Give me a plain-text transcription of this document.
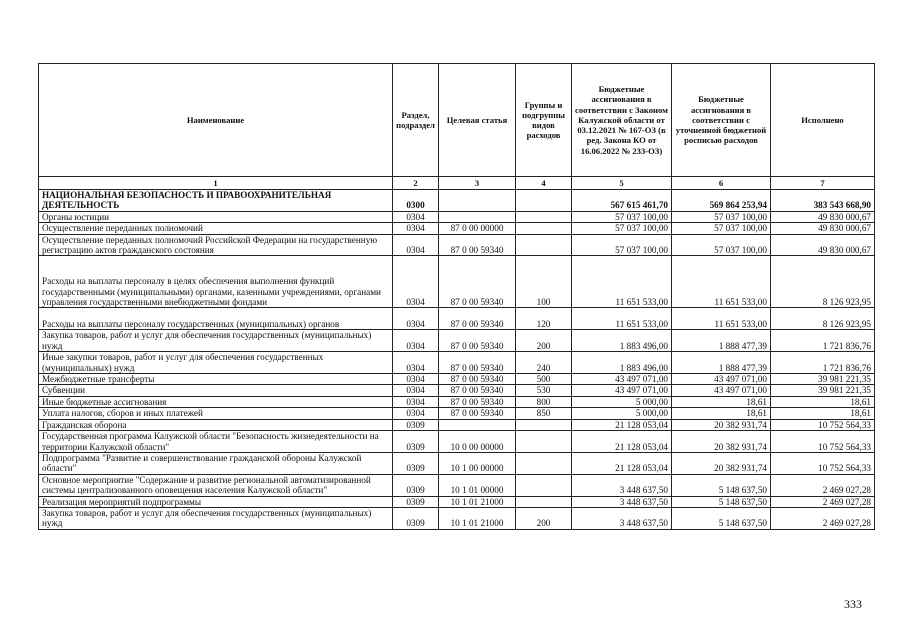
Наименование	Раздел, подраздел	Целевая статья	Группы и подгруппы видов расходов	Бюджетные ассигнования в соответствии с Законом Калужской области от 03.12.2021 № 167-ОЗ (в ред. Закона КО от 16.06.2022 № 233-ОЗ)	Бюджетные ассигнования в соответствии с уточненной бюджетной росписью расходов	Исполнено
1	2	3	4	5	6	7
НАЦИОНАЛЬНАЯ БЕЗОПАСНОСТЬ И ПРАВООХРАНИТЕЛЬНАЯ ДЕЯТЕЛЬНОСТЬ	0300			567 615 461,70	569 864 253,94	383 543 668,90
Органы юстиции	0304			57 037 100,00	57 037 100,00	49 830 000,67
Осуществление переданных полномочий	0304	87 0 00 00000		57 037 100,00	57 037 100,00	49 830 000,67
Осуществление переданных полномочий Российской Федерации на государственную регистрацию актов гражданского состояния	0304	87 0 00 59340		57 037 100,00	57 037 100,00	49 830 000,67
Расходы на выплаты персоналу в целях обеспечения выполнения функций государственными (муниципальными) органами, казенными учреждениями, органами управления государственными внебюджетными фондами	0304	87 0 00 59340	100	11 651 533,00	11 651 533,00	8 126 923,95
Расходы на выплаты персоналу государственных (муниципальных) органов	0304	87 0 00 59340	120	11 651 533,00	11 651 533,00	8 126 923,95
Закупка товаров, работ и услуг для обеспечения государственных (муниципальных) нужд	0304	87 0 00 59340	200	1 883 496,00	1 888 477,39	1 721 836,76
Иные закупки товаров, работ и услуг для обеспечения государственных (муниципальных) нужд	0304	87 0 00 59340	240	1 883 496,00	1 888 477,39	1 721 836,76
Межбюджетные трансферты	0304	87 0 00 59340	500	43 497 071,00	43 497 071,00	39 981 221,35
Субвенции	0304	87 0 00 59340	530	43 497 071,00	43 497 071,00	39 981 221,35
Иные бюджетные ассигнования	0304	87 0 00 59340	800	5 000,00	18,61	18,61
Уплата налогов, сборов и иных платежей	0304	87 0 00 59340	850	5 000,00	18,61	18,61
Гражданская оборона	0309			21 128 053,04	20 382 931,74	10 752 564,33
Государственная программа Калужской области "Безопасность жизнедеятельности на территории Калужской области"	0309	10 0 00 00000		21 128 053,04	20 382 931,74	10 752 564,33
Подпрограмма "Развитие и совершенствование гражданской обороны Калужской области"	0309	10 1 00 00000		21 128 053,04	20 382 931,74	10 752 564,33
Основное мероприятие "Содержание и развитие региональной автоматизированной системы централизованного оповещения населения Калужской области"	0309	10 1 01 00000		3 448 637,50	5 148 637,50	2 469 027,28
Реализация мероприятий подпрограммы	0309	10 1 01 21000		3 448 637,50	5 148 637,50	2 469 027,28
Закупка товаров, работ и услуг для обеспечения государственных (муниципальных) нужд	0309	10 1 01 21000	200	3 448 637,50	5 148 637,50	2 469 027,28
333
